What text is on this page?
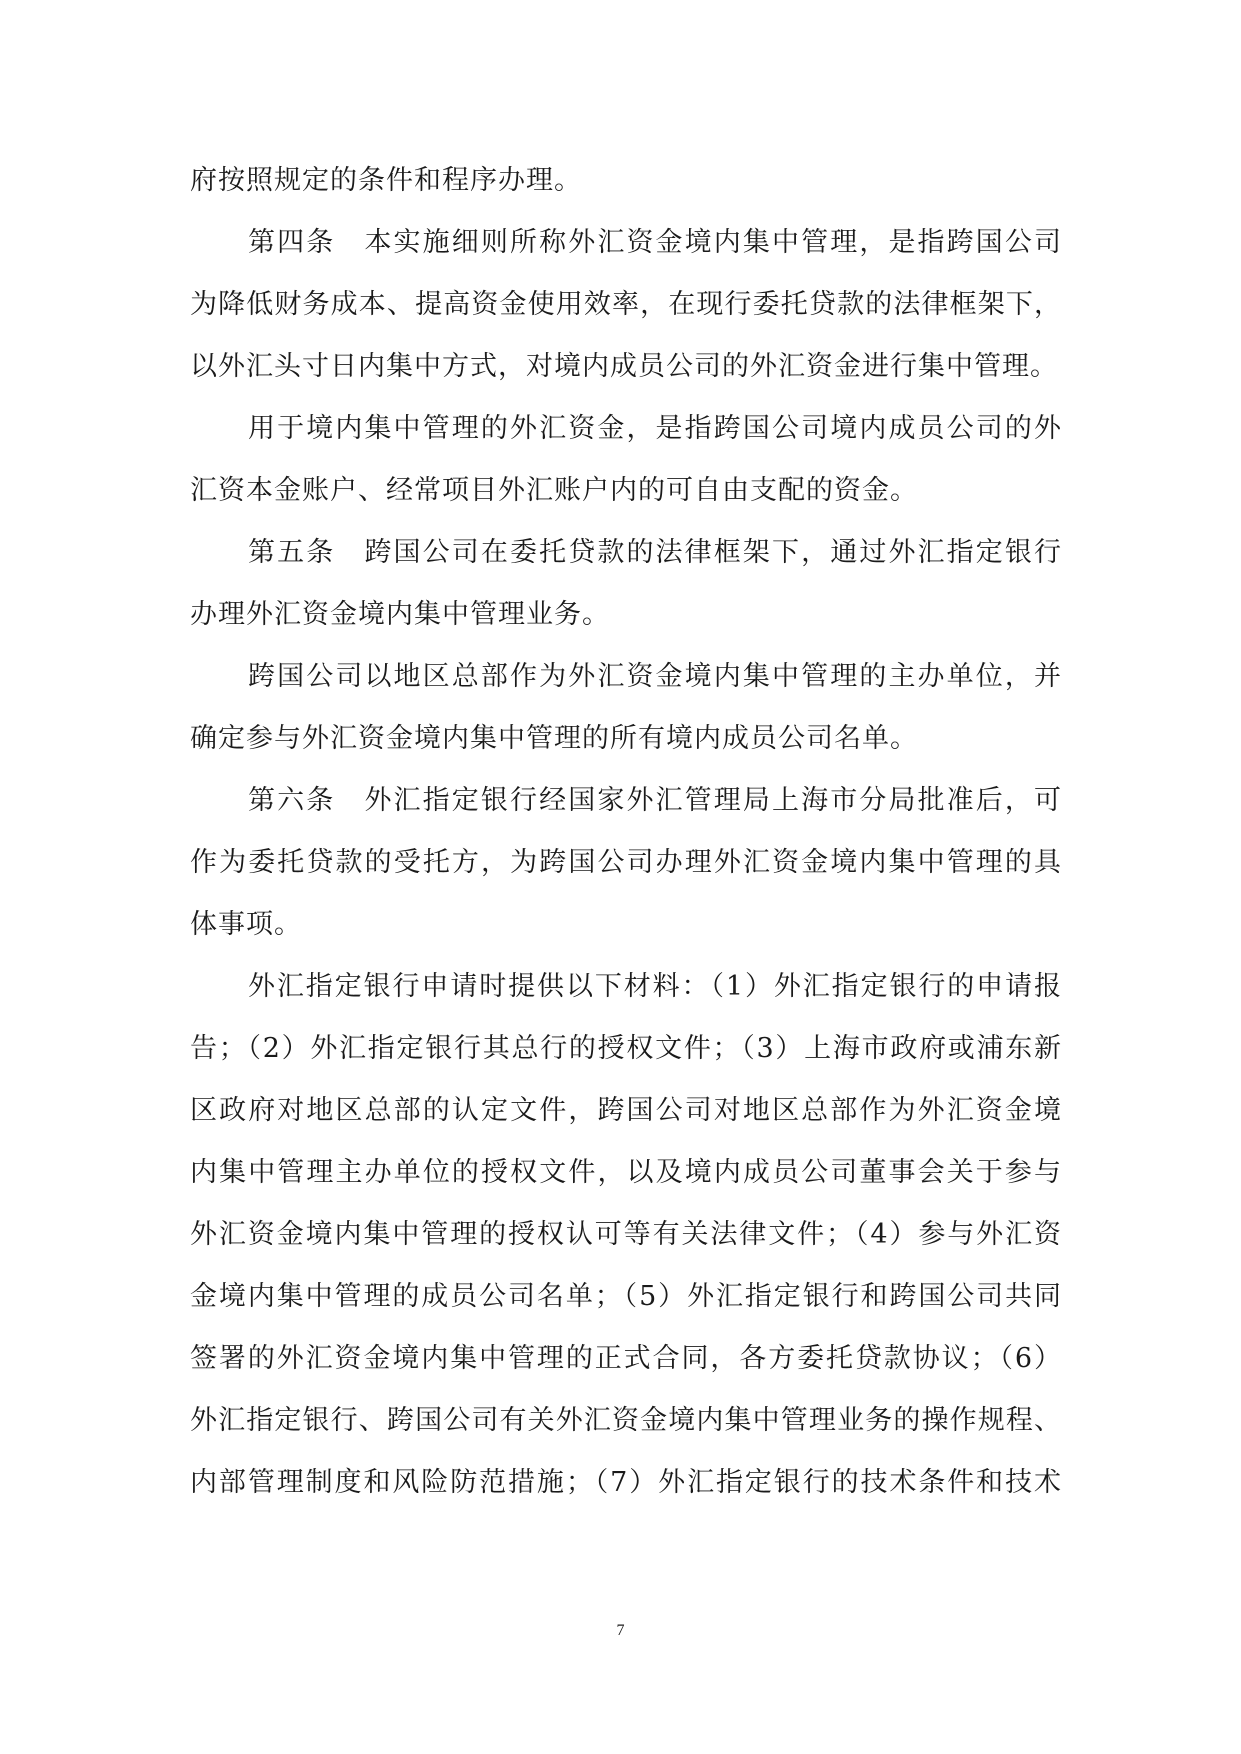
府按照规定的条件和程序办理。
第四条　本实施细则所称外汇资金境内集中管理，是指跨国公司
为降低财务成本、提高资金使用效率，在现行委托贷款的法律框架下，
以外汇头寸日内集中方式，对境内成员公司的外汇资金进行集中管理。
用于境内集中管理的外汇资金，是指跨国公司境内成员公司的外
汇资本金账户、经常项目外汇账户内的可自由支配的资金。
第五条　跨国公司在委托贷款的法律框架下，通过外汇指定银行
办理外汇资金境内集中管理业务。
跨国公司以地区总部作为外汇资金境内集中管理的主办单位，并
确定参与外汇资金境内集中管理的所有境内成员公司名单。
第六条　外汇指定银行经国家外汇管理局上海市分局批准后，可
作为委托贷款的受托方，为跨国公司办理外汇资金境内集中管理的具
体事项。
外汇指定银行申请时提供以下材料：（1）外汇指定银行的申请报
告；（2）外汇指定银行其总行的授权文件；（3）上海市政府或浦东新
区政府对地区总部的认定文件，跨国公司对地区总部作为外汇资金境
内集中管理主办单位的授权文件，以及境内成员公司董事会关于参与
外汇资金境内集中管理的授权认可等有关法律文件；（4）参与外汇资
金境内集中管理的成员公司名单；（5）外汇指定银行和跨国公司共同
签署的外汇资金境内集中管理的正式合同，各方委托贷款协议；（6）
外汇指定银行、跨国公司有关外汇资金境内集中管理业务的操作规程、
内部管理制度和风险防范措施；（7）外汇指定银行的技术条件和技术
7
